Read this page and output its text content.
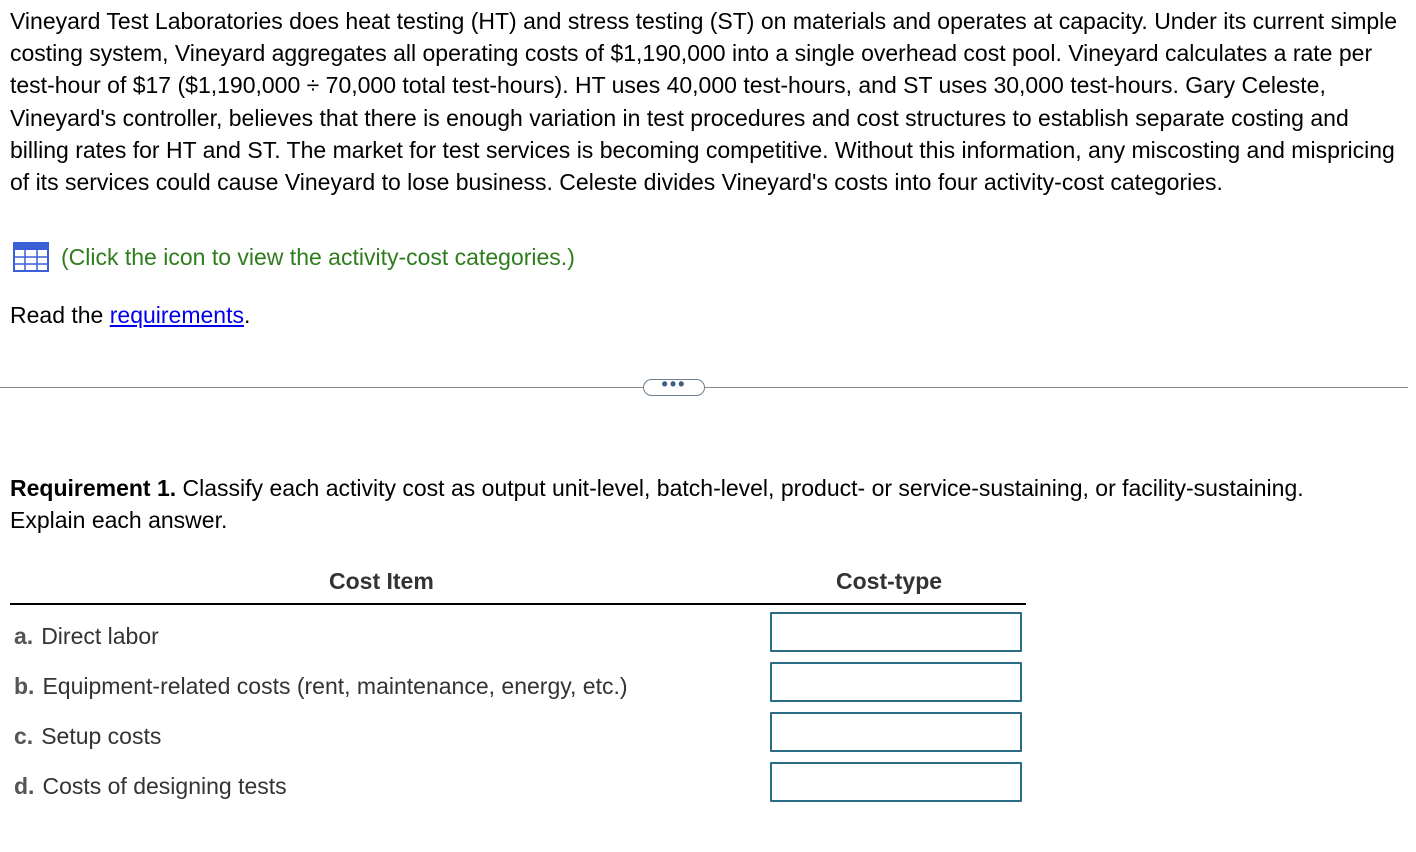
Vineyard Test Laboratories does heat testing (HT) and stress testing (ST) on materials and operates at capacity. Under its current simple costing system, Vineyard aggregates all operating costs of $1,190,000 into a single overhead cost pool. Vineyard calculates a rate per test-hour of $17 ($1,190,000 ÷ 70,000 total test-hours). HT uses 40,000 test-hours, and ST uses 30,000 test-hours. Gary Celeste, Vineyard's controller, believes that there is enough variation in test procedures and cost structures to establish separate costing and billing rates for HT and ST. The market for test services is becoming competitive. Without this information, any miscosting and mispricing of its services could cause Vineyard to lose business. Celeste divides Vineyard's costs into four activity-cost categories.

(Click the icon to view the activity-cost categories.)
Read the requirements.
•••

Requirement 1. Classify each activity cost as output unit-level, batch-level, product- or service-sustaining, or facility-sustaining. Explain each answer.

Cost Item	Cost-type
a. Direct labor
b. Equipment-related costs (rent, maintenance, energy, etc.)
c. Setup costs
d. Costs of designing tests
